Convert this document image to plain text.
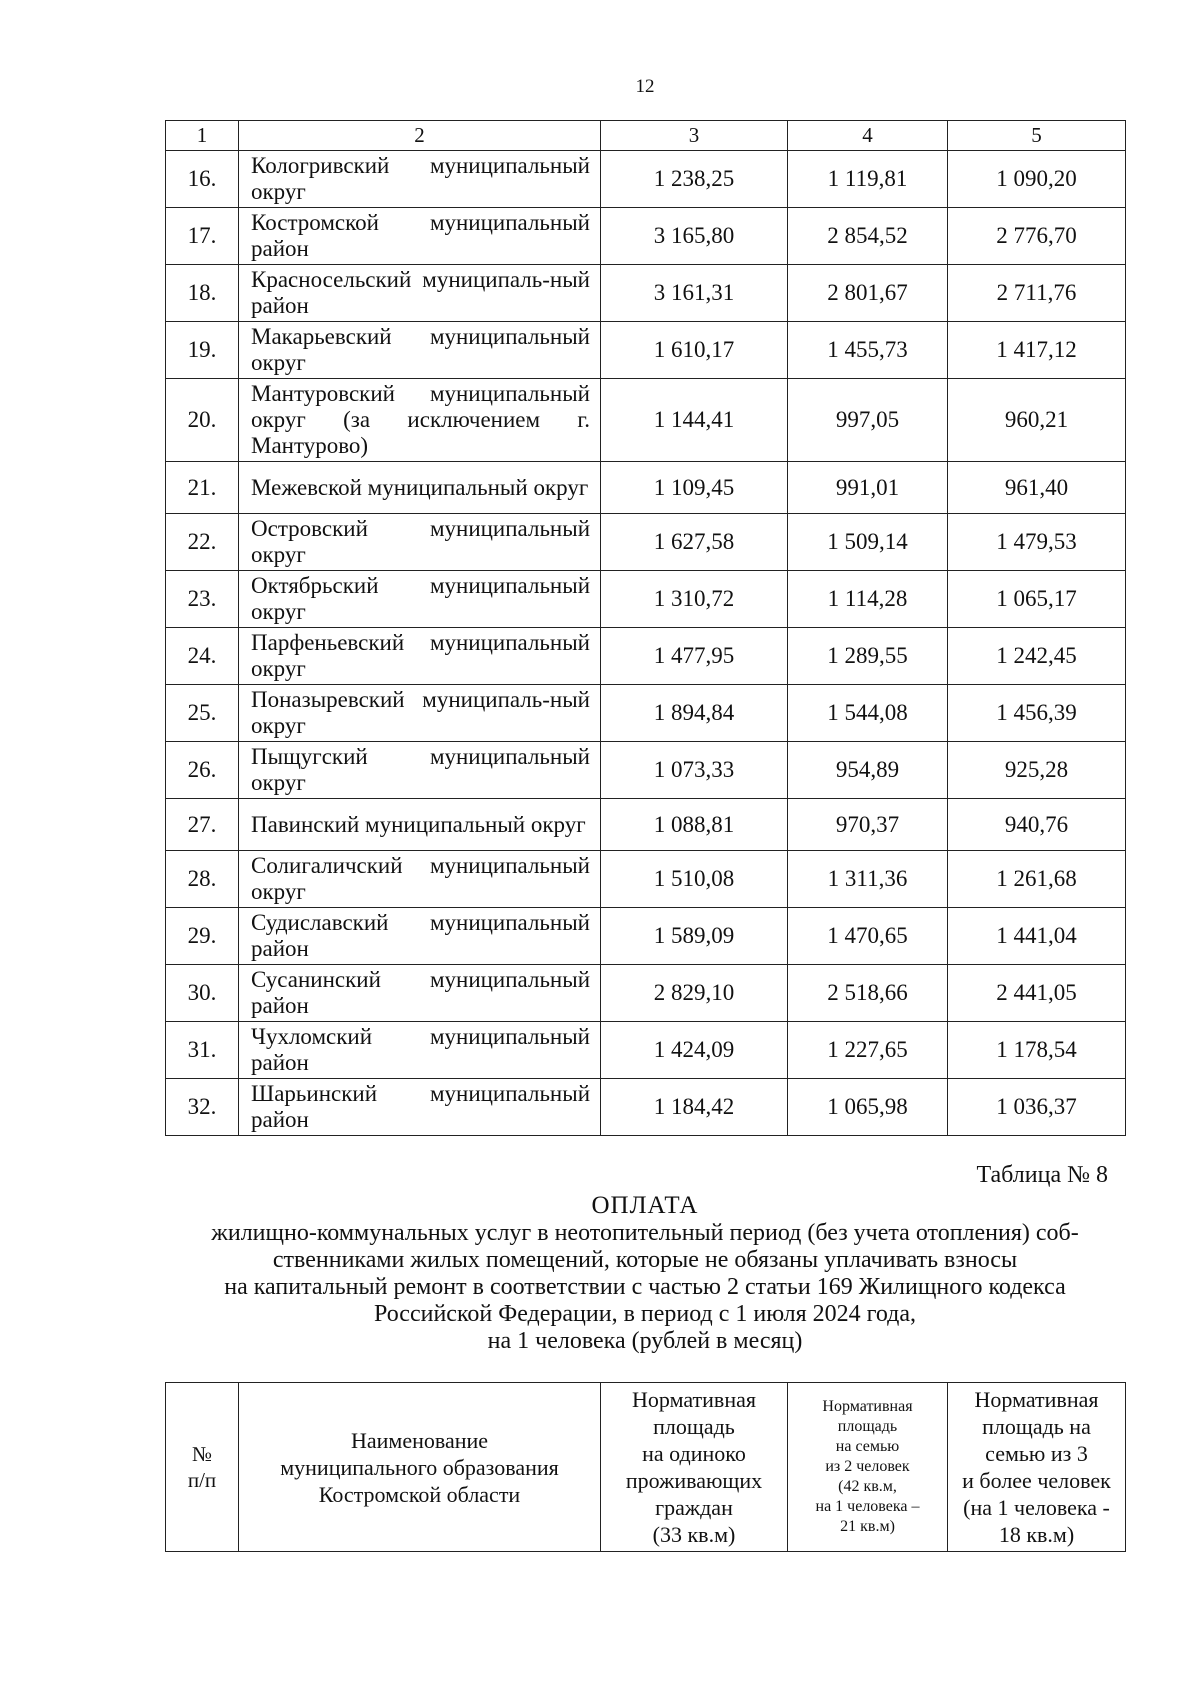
12
1	2	3	4	5
16.	Кологривский муниципальный округ	1 238,25	1 119,81	1 090,20
17.	Костромской муниципальный район	3 165,80	2 854,52	2 776,70
18.	Красносельский муниципаль-ный район	3 161,31	2 801,67	2 711,76
19.	Макарьевский муниципальный округ	1 610,17	1 455,73	1 417,12
20.	Мантуровский муниципальный округ (за исключением г. Мантурово)	1 144,41	997,05	960,21
21.	Межевской муниципальный округ	1 109,45	991,01	961,40
22.	Островский муниципальный округ	1 627,58	1 509,14	1 479,53
23.	Октябрьский муниципальный округ	1 310,72	1 114,28	1 065,17
24.	Парфеньевский муниципальный округ	1 477,95	1 289,55	1 242,45
25.	Поназыревский муниципаль-ный округ	1 894,84	1 544,08	1 456,39
26.	Пыщугский муниципальный округ	1 073,33	954,89	925,28
27.	Павинский муниципальный округ	1 088,81	970,37	940,76
28.	Солигаличский муниципальный округ	1 510,08	1 311,36	1 261,68
29.	Судиславский муниципальный район	1 589,09	1 470,65	1 441,04
30.	Сусанинский муниципальный район	2 829,10	2 518,66	2 441,05
31.	Чухломский муниципальный район	1 424,09	1 227,65	1 178,54
32.	Шарьинский муниципальный район	1 184,42	1 065,98	1 036,37
Таблица № 8
ОПЛАТА
жилищно-коммунальных услуг в неотопительный период (без учета отопления) соб-
ственниками жилых помещений, которые не обязаны уплачивать взносы
на капитальный ремонт в соответствии с частью 2 статьи 169 Жилищного кодекса
Российской Федерации, в период с 1 июля 2024 года,
на 1 человека (рублей в месяц)
№
п/п

Наименование
муниципального образования
Костромской области

Нормативная
площадь
на одиноко
проживающих
граждан
(33 кв.м)

Нормативная
площадь
на семью
из 2 человек
(42 кв.м,
на 1 человека –
21 кв.м)

Нормативная
площадь на
семью из 3
и более человек
(на 1 человека -
18 кв.м)
